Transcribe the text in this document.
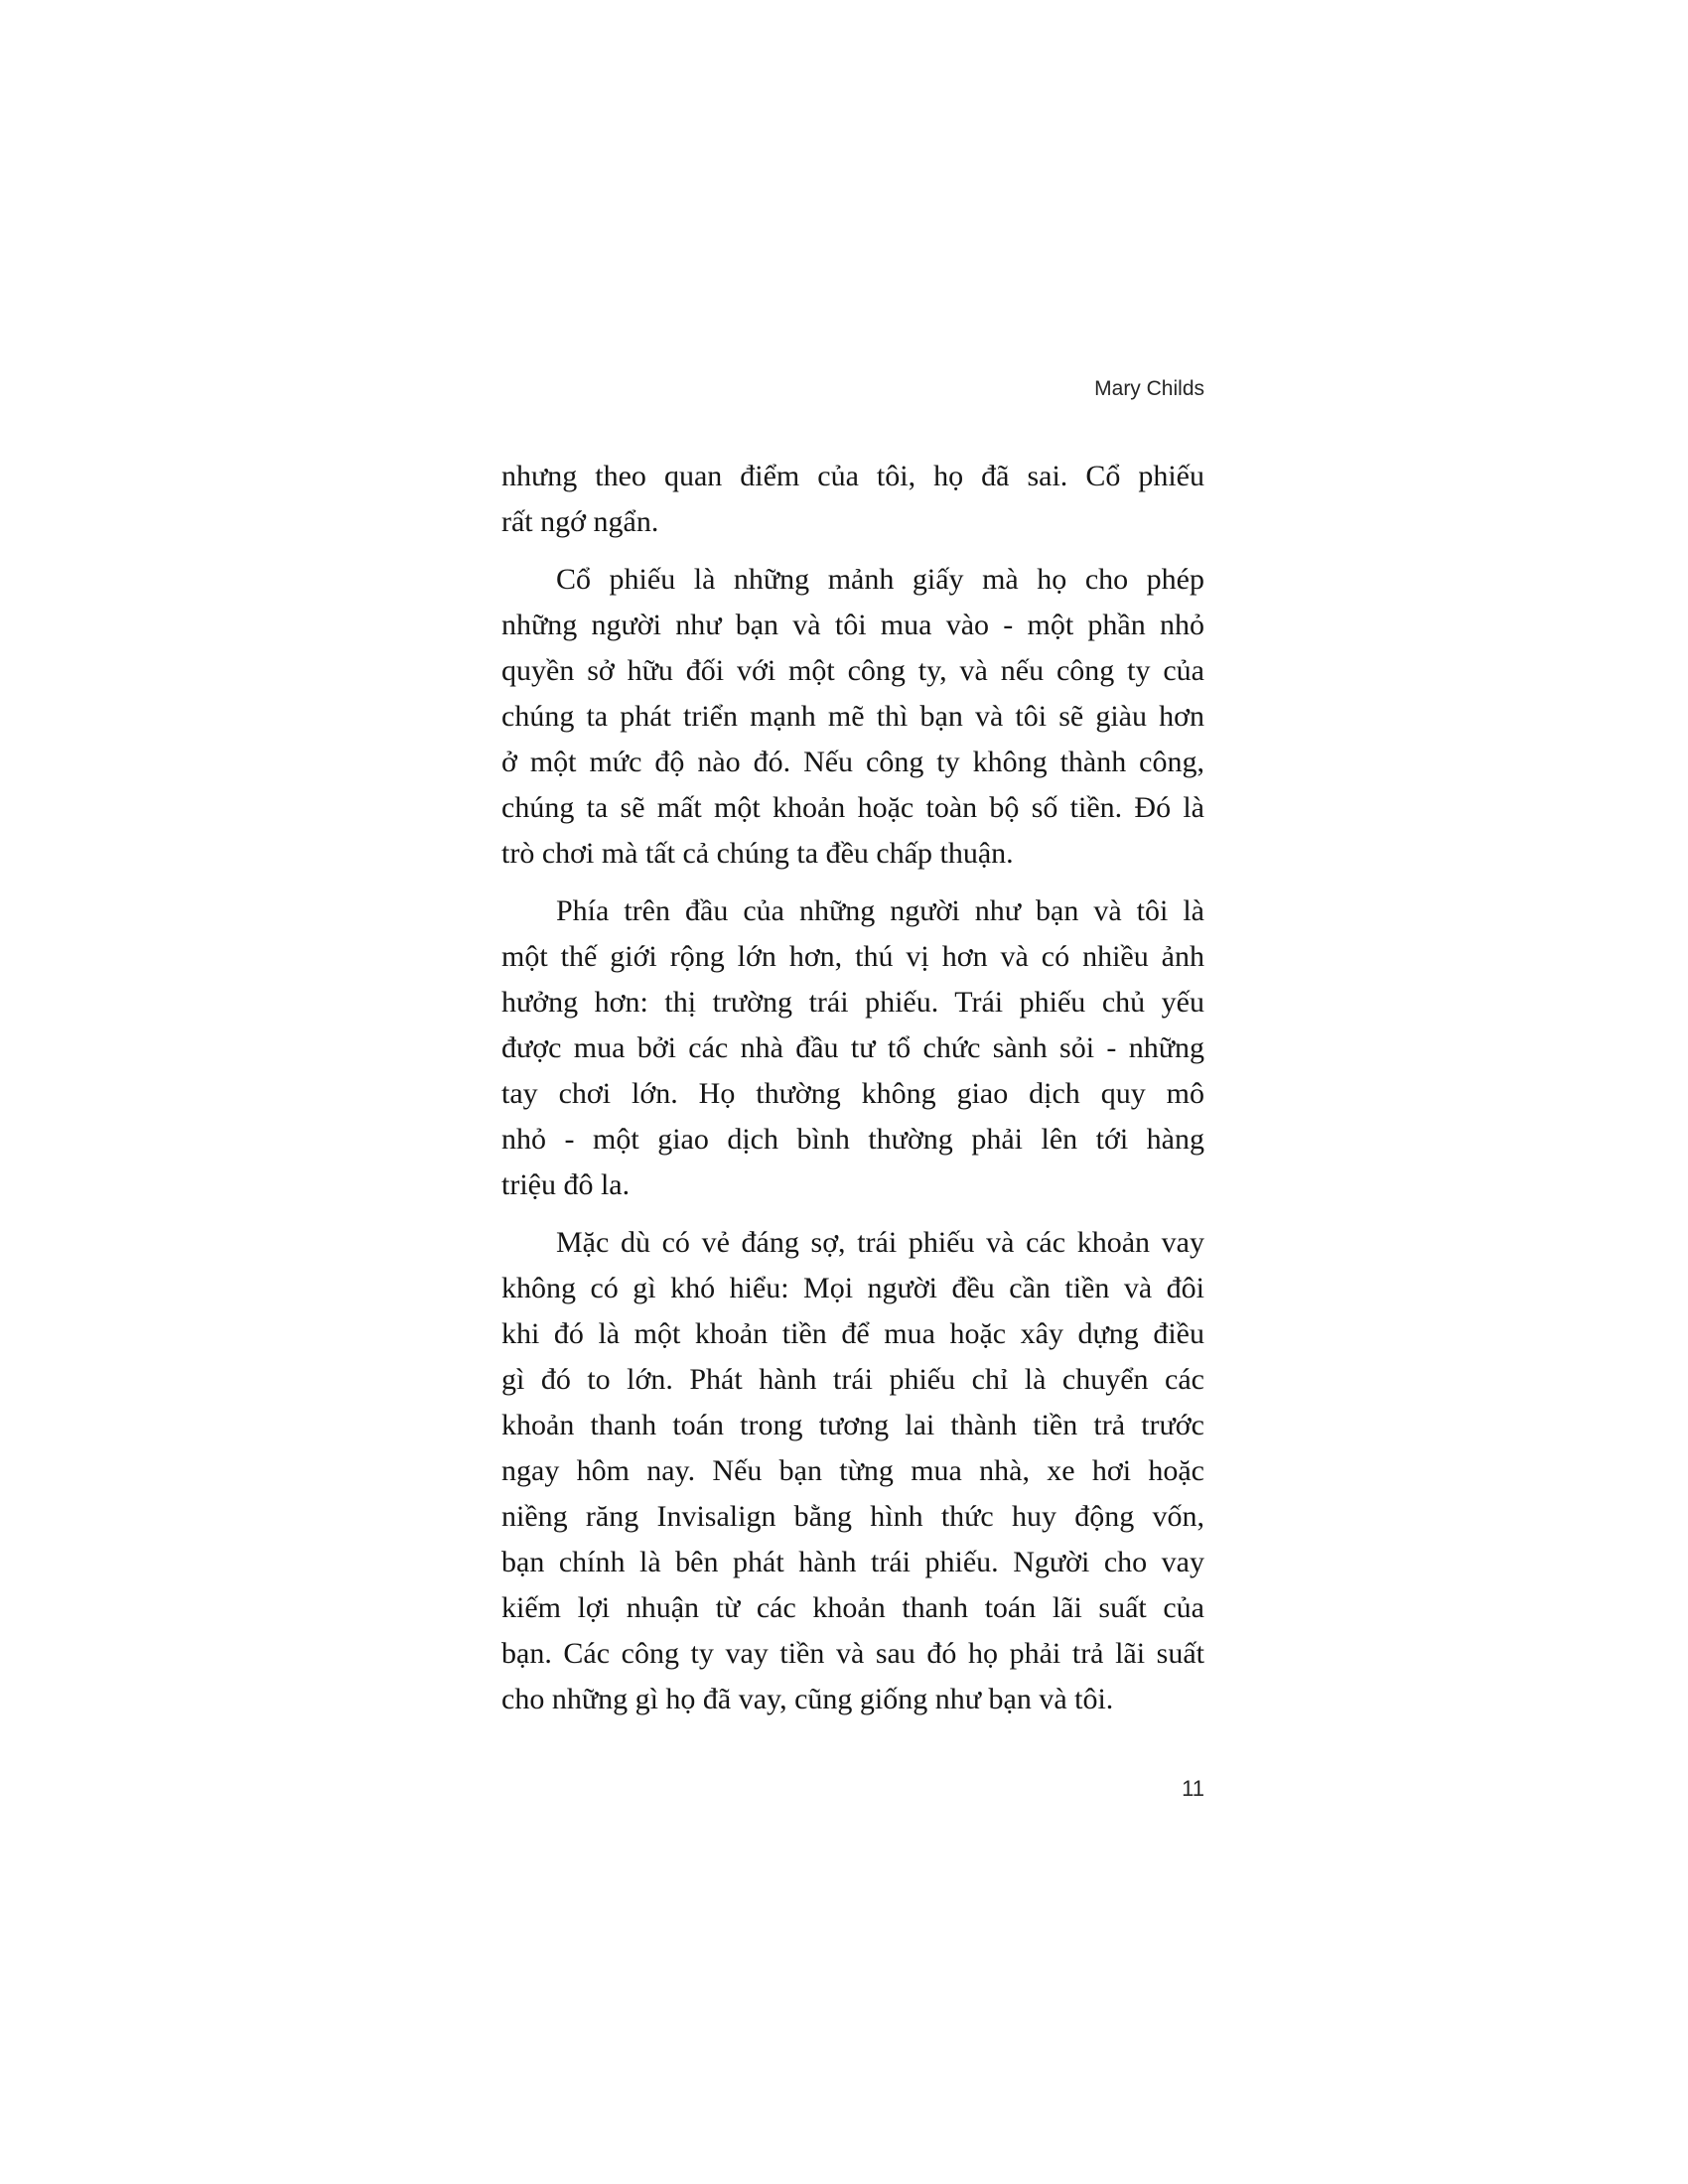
Mary Childs
nhưng theo quan điểm của tôi, họ đã sai. Cổ phiếu
rất ngớ ngẩn.
Cổ phiếu là những mảnh giấy mà họ cho phép
những người như bạn và tôi mua vào - một phần nhỏ
quyền sở hữu đối với một công ty, và nếu công ty của
chúng ta phát triển mạnh mẽ thì bạn và tôi sẽ giàu hơn
ở một mức độ nào đó. Nếu công ty không thành công,
chúng ta sẽ mất một khoản hoặc toàn bộ số tiền. Đó là
trò chơi mà tất cả chúng ta đều chấp thuận.
Phía trên đầu của những người như bạn và tôi là
một thế giới rộng lớn hơn, thú vị hơn và có nhiều ảnh
hưởng hơn: thị trường trái phiếu. Trái phiếu chủ yếu
được mua bởi các nhà đầu tư tổ chức sành sỏi - những
tay chơi lớn. Họ thường không giao dịch quy mô
nhỏ - một giao dịch bình thường phải lên tới hàng
triệu đô la.
Mặc dù có vẻ đáng sợ, trái phiếu và các khoản vay
không có gì khó hiểu: Mọi người đều cần tiền và đôi
khi đó là một khoản tiền để mua hoặc xây dựng điều
gì đó to lớn. Phát hành trái phiếu chỉ là chuyển các
khoản thanh toán trong tương lai thành tiền trả trước
ngay hôm nay. Nếu bạn từng mua nhà, xe hơi hoặc
niềng răng Invisalign bằng hình thức huy động vốn,
bạn chính là bên phát hành trái phiếu. Người cho vay
kiếm lợi nhuận từ các khoản thanh toán lãi suất của
bạn. Các công ty vay tiền và sau đó họ phải trả lãi suất
cho những gì họ đã vay, cũng giống như bạn và tôi.
11
